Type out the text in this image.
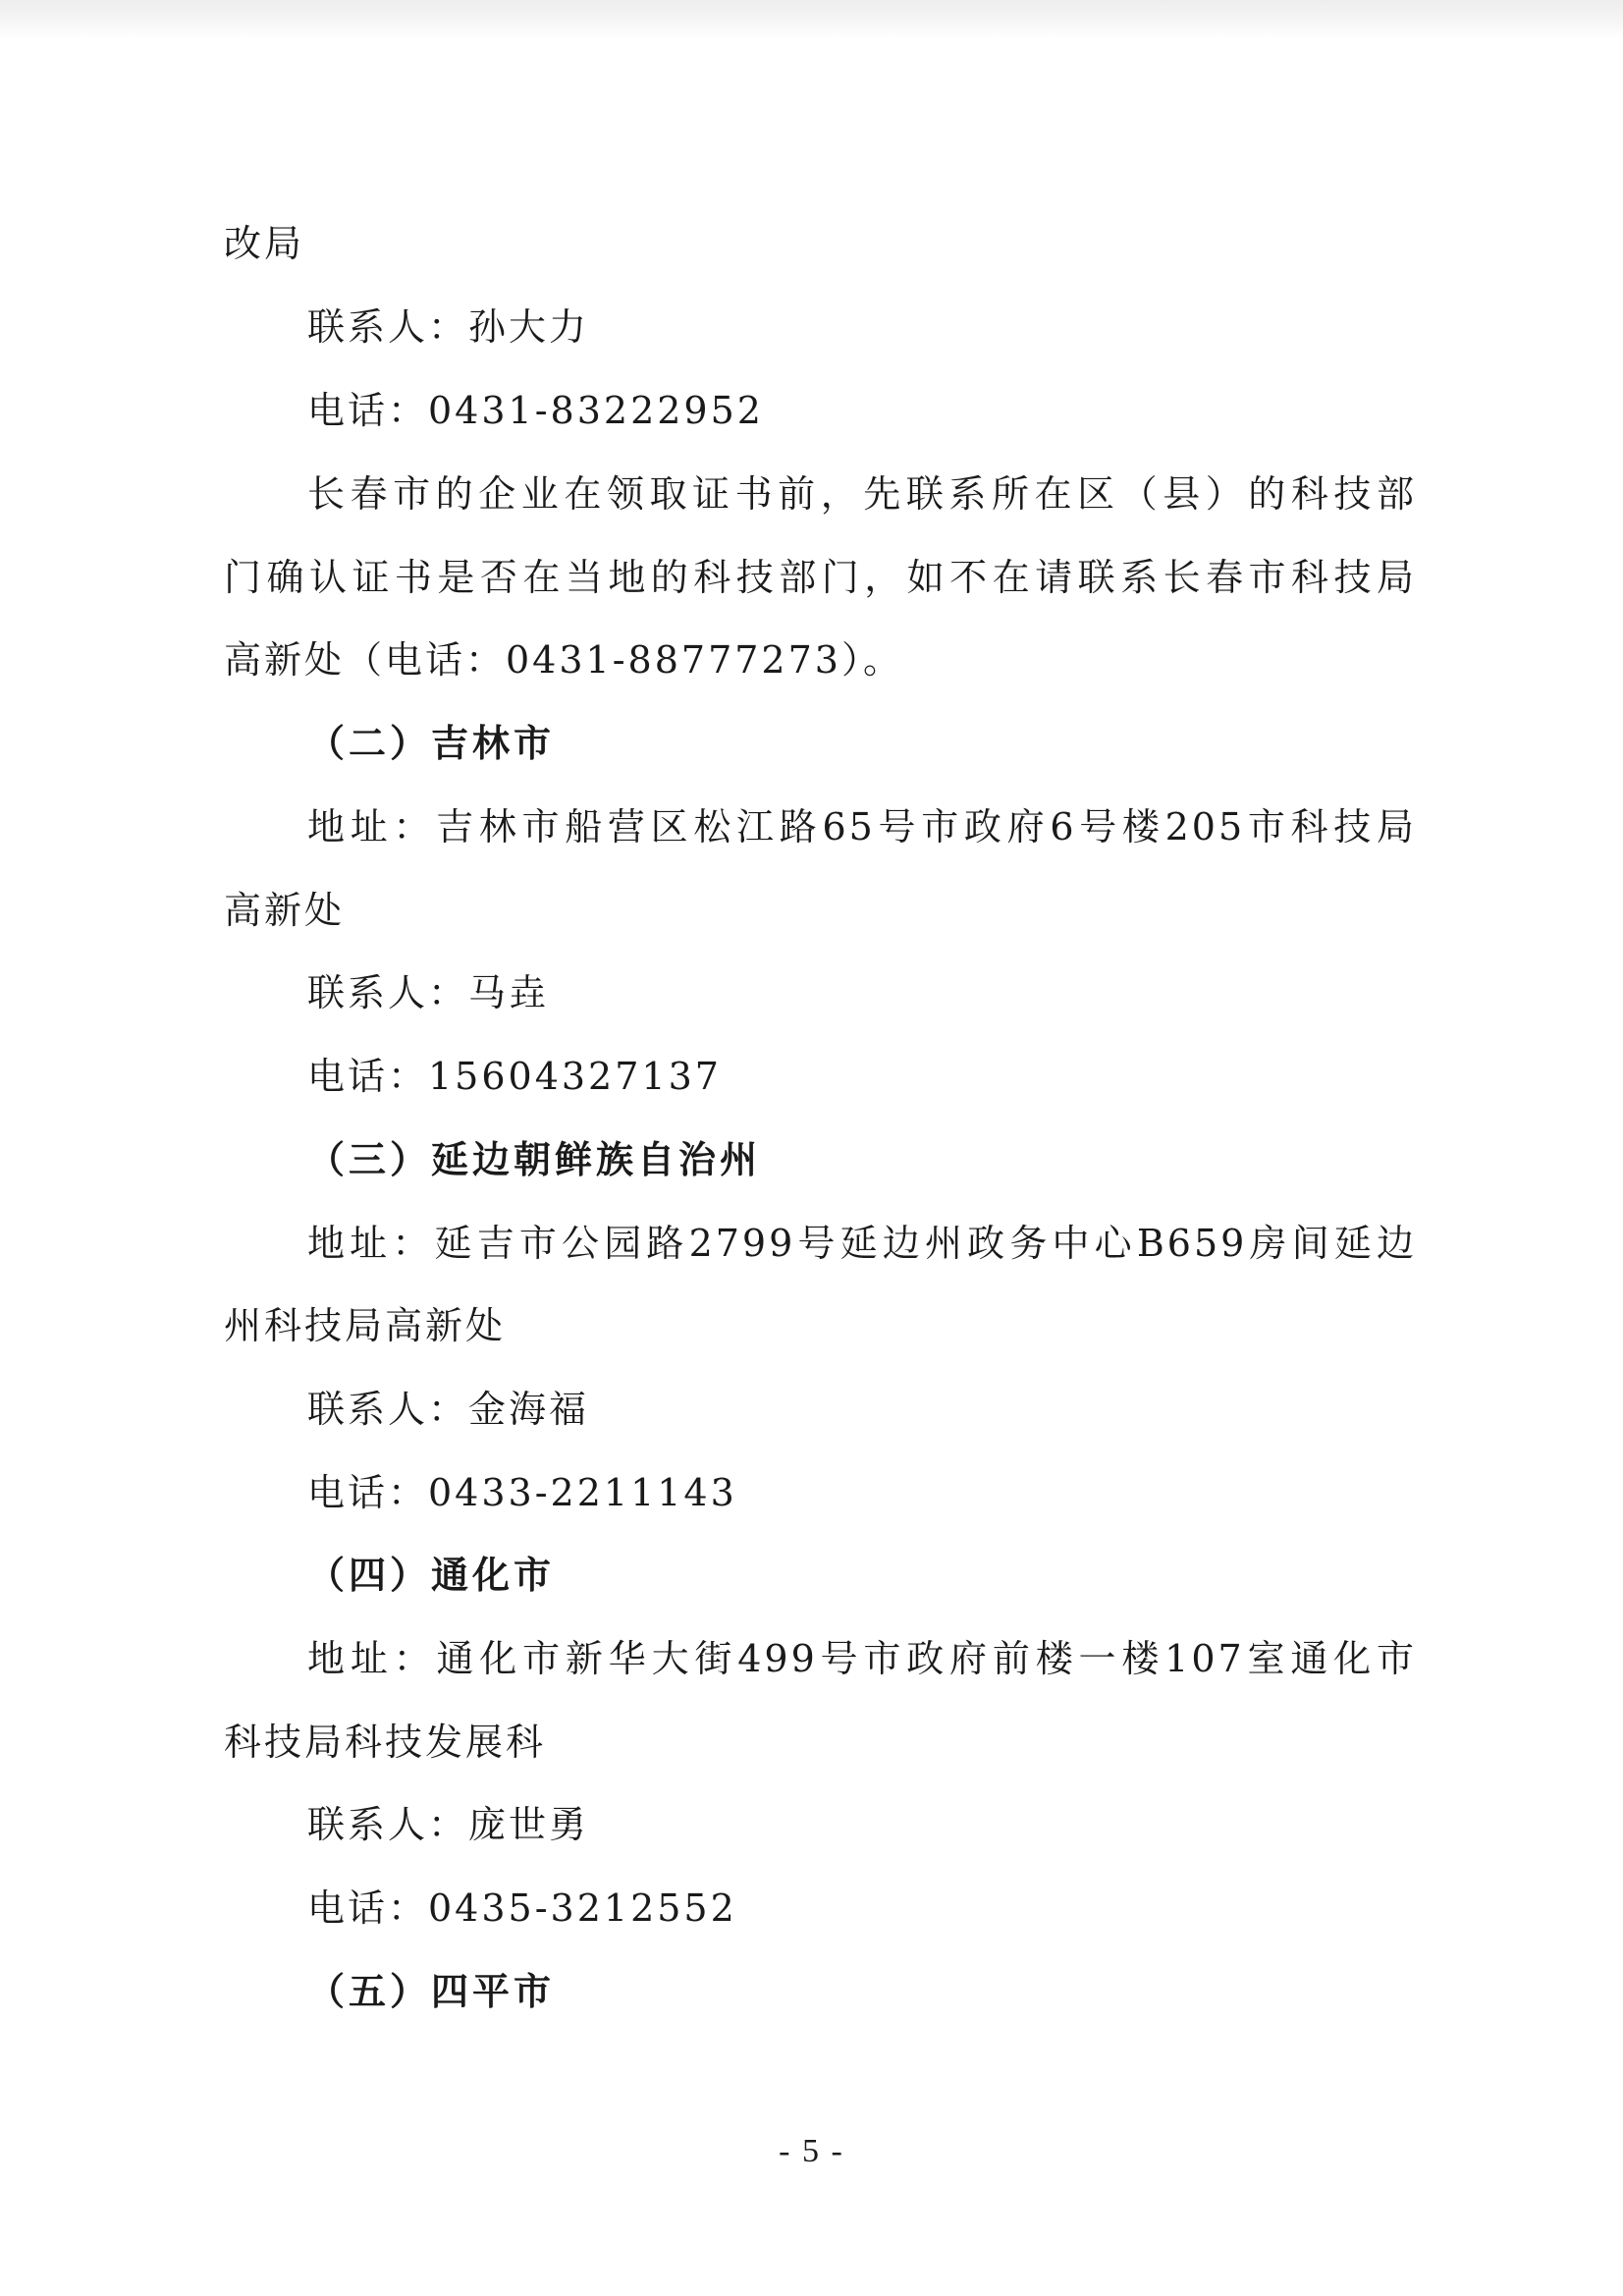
改局
联系人：孙大力
电话：0431-83222952
长春市的企业在领取证书前，先联系所在区（县）的科技部
门确认证书是否在当地的科技部门，如不在请联系长春市科技局
高新处（电话：0431-88777273）。
（二）吉林市
地址：吉林市船营区松江路65号市政府6号楼205市科技局
高新处
联系人：马垚
电话：15604327137
（三）延边朝鲜族自治州
地址：延吉市公园路2799号延边州政务中心B659房间延边
州科技局高新处
联系人：金海福
电话：0433-2211143
（四）通化市
地址：通化市新华大街499号市政府前楼一楼107室通化市
科技局科技发展科
联系人：庞世勇
电话：0435-3212552
（五）四平市
- 5 -
